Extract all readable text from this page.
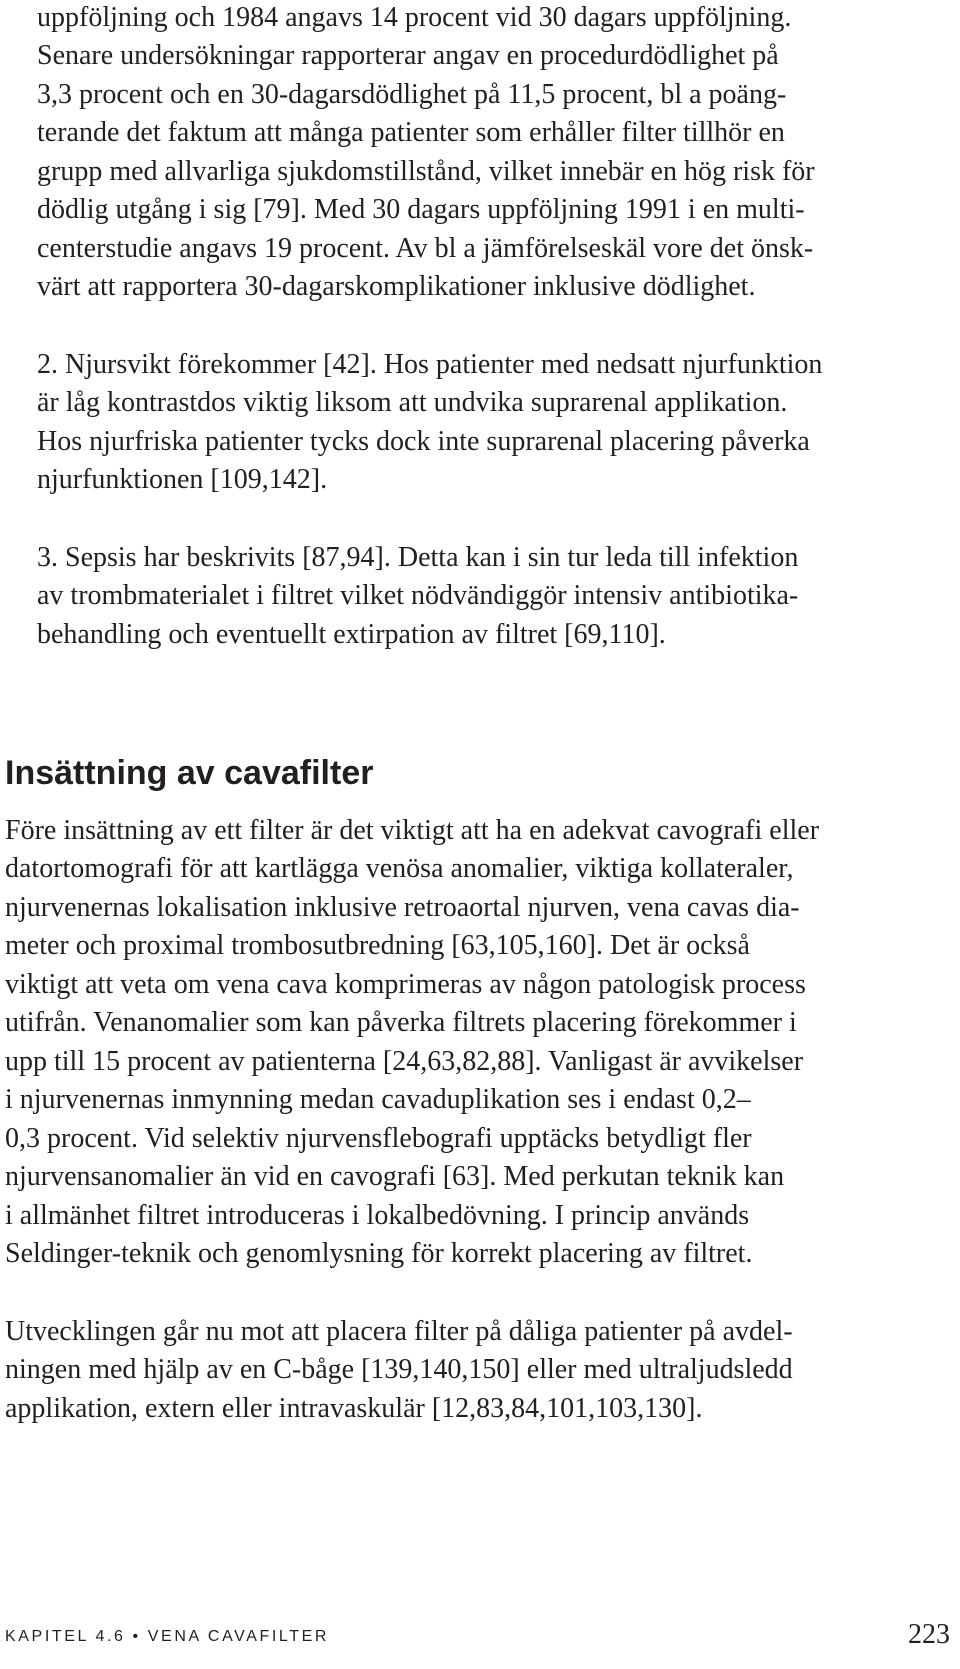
uppföljning och 1984 angavs 14 procent vid 30 dagars uppföljning.
Senare undersökningar rapporterar angav en procedurdödlighet på
3,3 procent och en 30-dagarsdödlighet på 11,5 procent, bl a poäng-
terande det faktum att många patienter som erhåller filter tillhör en
grupp med allvarliga sjukdomstillstånd, vilket innebär en hög risk för
dödlig utgång i sig [79]. Med 30 dagars uppföljning 1991 i en multi-
centerstudie angavs 19 procent. Av bl a jämförelseskäl vore det önsk-
värt att rapportera 30-dagarskomplikationer inklusive dödlighet.
2. Njursvikt förekommer [42]. Hos patienter med nedsatt njurfunktion
är låg kontrastdos viktig liksom att undvika suprarenal applikation.
Hos njurfriska patienter tycks dock inte suprarenal placering påverka
njurfunktionen [109,142].
3. Sepsis har beskrivits [87,94]. Detta kan i sin tur leda till infektion
av trombmaterialet i filtret vilket nödvändiggör intensiv antibiotika-
behandling och eventuellt extirpation av filtret [69,110].
Insättning av cavafilter
Före insättning av ett filter är det viktigt att ha en adekvat cavografi eller
datortomografi för att kartlägga venösa anomalier, viktiga kollateraler,
njurvenernas lokalisation inklusive retroaortal njurven, vena cavas dia-
meter och proximal trombosutbredning [63,105,160]. Det är också
viktigt att veta om vena cava komprimeras av någon patologisk process
utifrån. Venanomalier som kan påverka filtrets placering förekommer i
upp till 15 procent av patienterna [24,63,82,88]. Vanligast är avvikelser
i njurvenernas inmynning medan cavaduplikation ses i endast 0,2–
0,3 procent. Vid selektiv njurvensflebografi upptäcks betydligt fler
njurvensanomalier än vid en cavografi [63]. Med perkutan teknik kan
i allmänhet filtret introduceras i lokalbedövning. I princip används
Seldinger-teknik och genomlysning för korrekt placering av filtret.
Utvecklingen går nu mot att placera filter på dåliga patienter på avdel-
ningen med hjälp av en C-båge [139,140,150] eller med ultraljudsledd
applikation, extern eller intravaskulär [12,83,84,101,103,130].
KAPITEL 4.6 • VENA CAVAFILTER	223
